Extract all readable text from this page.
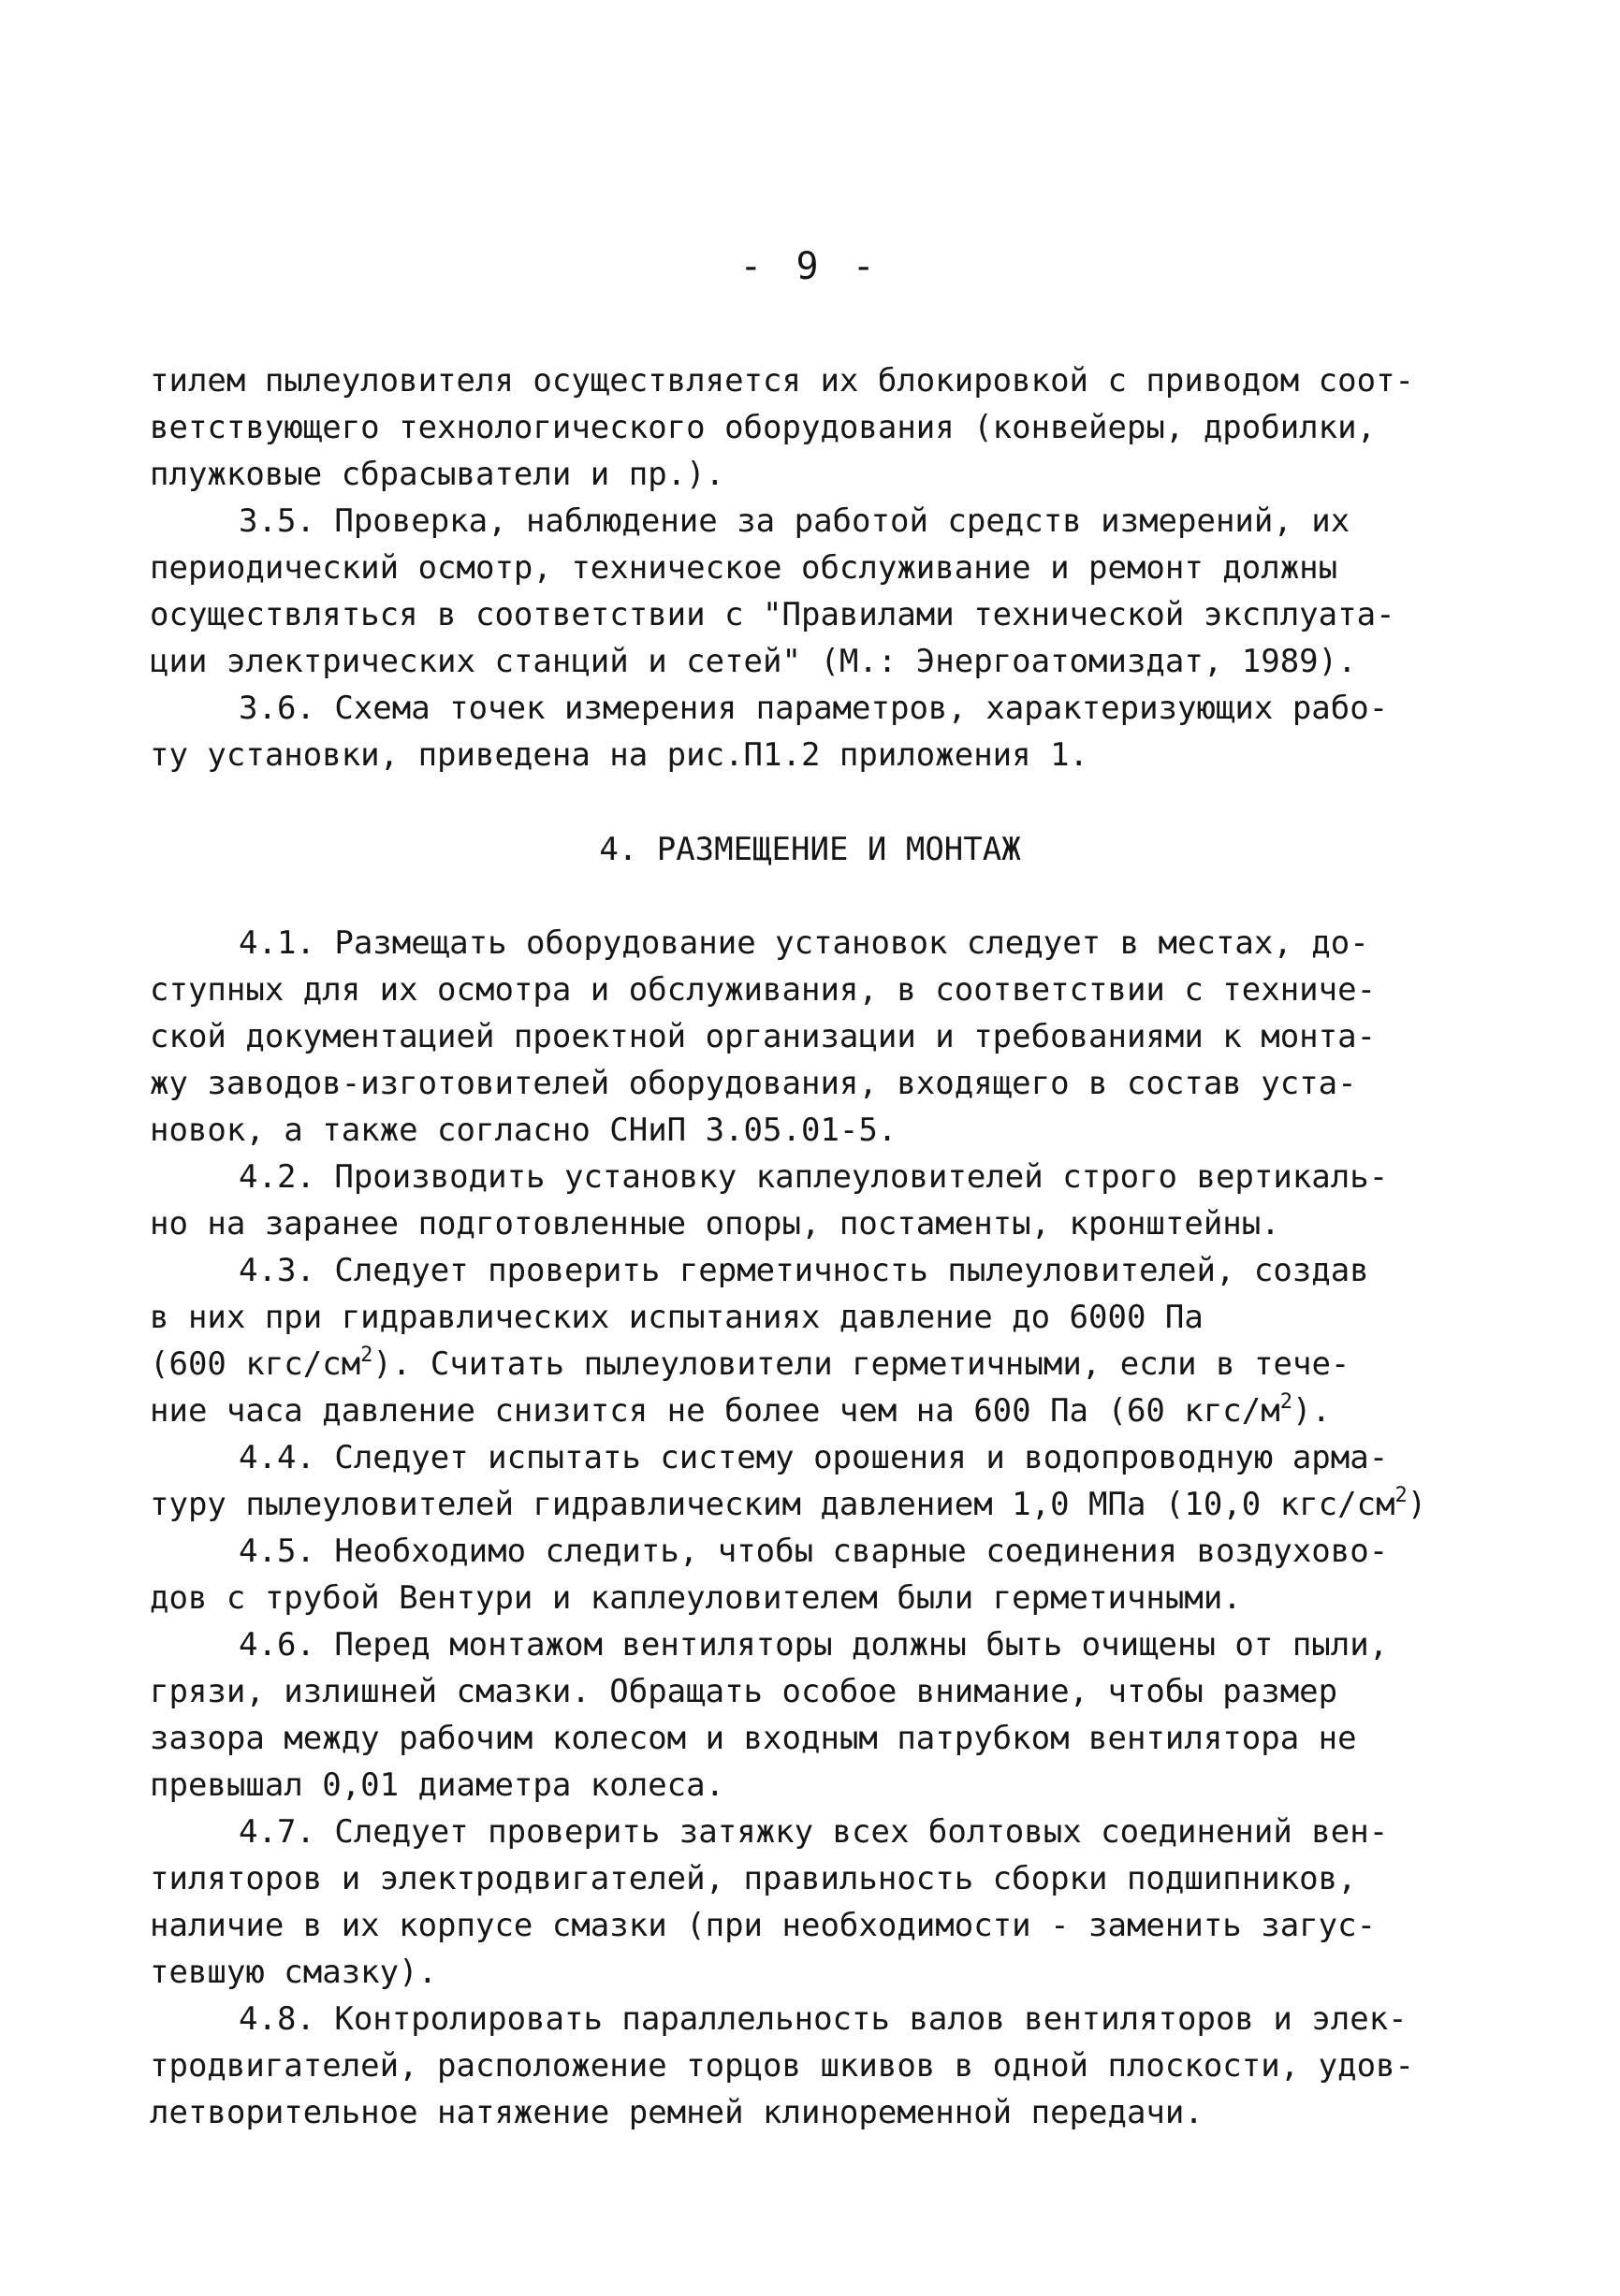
- 9 -
тилем пылеуловителя осуществляется их блокировкой с приводом соот-
ветствующего технологического оборудования (конвейеры, дробилки,
плужковые сбрасыватели и пр.).
3.5. Проверка, наблюдение за работой средств измерений, их
периодический осмотр, техническое обслуживание и ремонт должны
осуществляться в соответствии с "Правилами технической эксплуата-
ции электрических станций и сетей" (М.: Энергоатомиздат, 1989).
3.6. Схема точек измерения параметров, характеризующих рабо-
ту установки, приведена на рис.П1.2 приложения 1.
4. РАЗМЕЩЕНИЕ И МОНТАЖ
4.1. Размещать оборудование установок следует в местах, до-
ступных для их осмотра и обслуживания, в соответствии с техниче-
ской документацией проектной организации и требованиями к монта-
жу заводов-изготовителей оборудования, входящего в состав уста-
новок, а также согласно СНиП 3.05.01-5.
4.2. Производить установку каплеуловителей строго вертикаль-
но на заранее подготовленные опоры, постаменты, кронштейны.
4.3. Следует проверить герметичность пылеуловителей, создав
в них при гидравлических испытаниях давление до 6000 Па
(600 кгс/$см^2$). Считать пылеуловители герметичными, если в тече-
ние часа давление снизится не более чем на 600 Па (60 кгс/$м^2$).
4.4. Следует испытать систему орошения и водопроводную арма-
туру пылеуловителей гидравлическим давлением 1,0 МПа (10,0 кгс/$см^2$)
4.5. Необходимо следить, чтобы сварные соединения воздухово-
дов с трубой Вентури и каплеуловителем были герметичными.
4.6. Перед монтажом вентиляторы должны быть очищены от пыли,
грязи, излишней смазки. Обращать особое внимание, чтобы размер
зазора между рабочим колесом и входным патрубком вентилятора не
превышал 0,01 диаметра колеса.
4.7. Следует проверить затяжку всех болтовых соединений вен-
тиляторов и электродвигателей, правильность сборки подшипников,
наличие в их корпусе смазки (при необходимости - заменить загус-
тевшую смазку).
4.8. Контролировать параллельность валов вентиляторов и элек-
тродвигателей, расположение торцов шкивов в одной плоскости, удов-
летворительное натяжение ремней клиноременной передачи.
